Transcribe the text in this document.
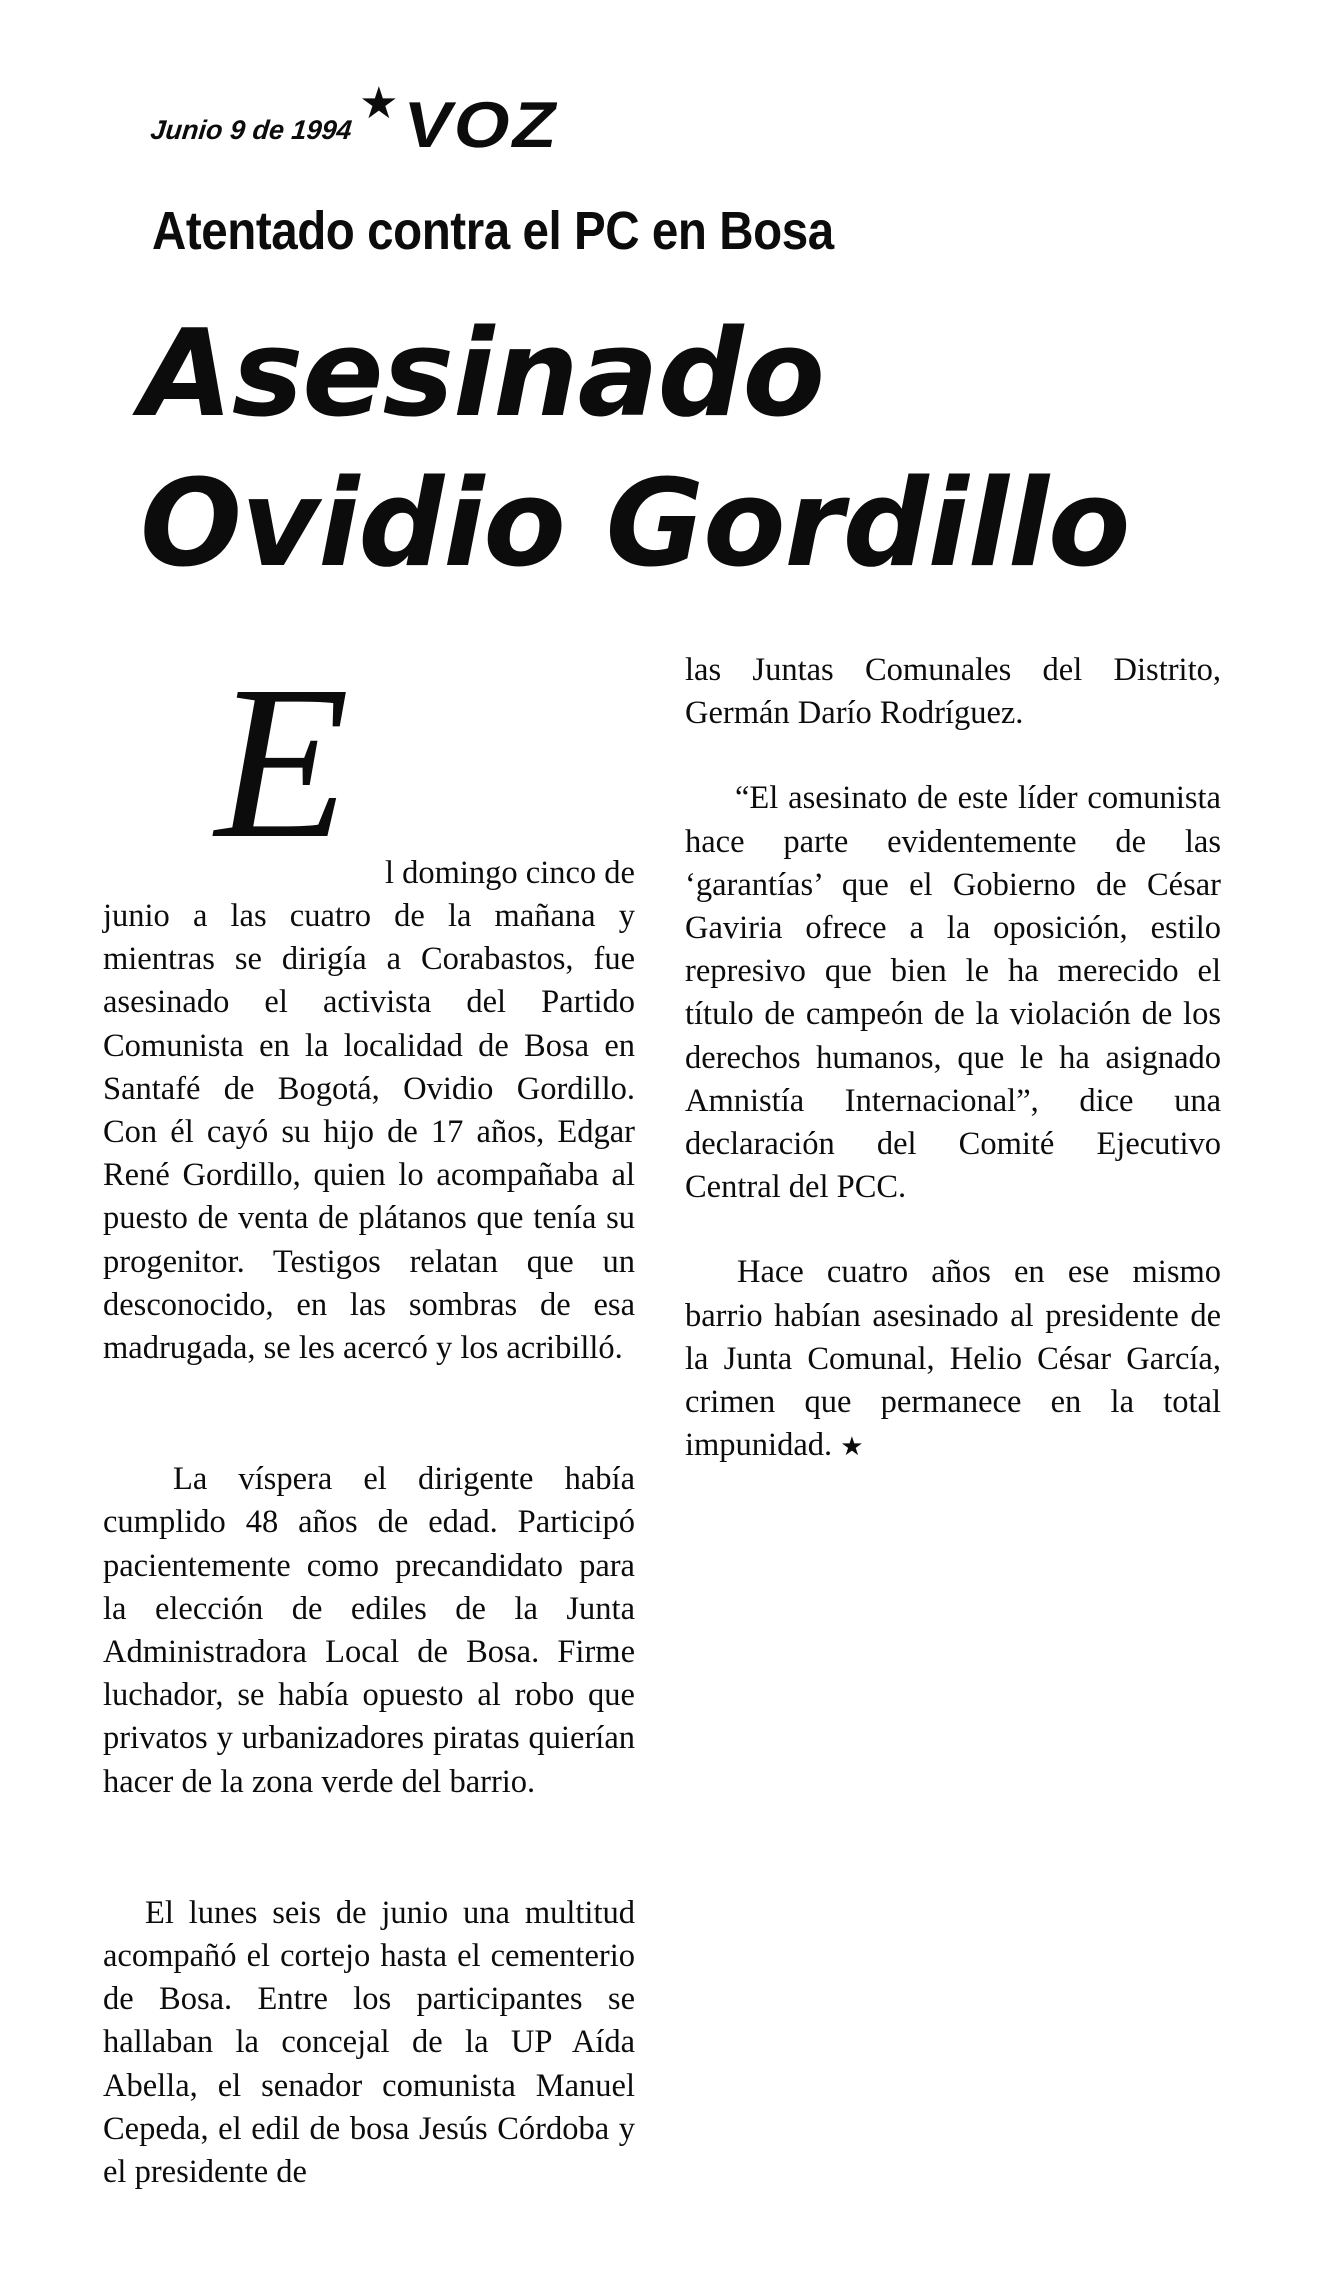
Junio 9 de 1994
★ VOZ
Atentado contra el PC en Bosa
Asesinado
Ovidio Gordillo
E	l domingo cinco de

junio a las cuatro de la mañana y mientras se dirigía a Corabastos, fue asesinado el activista del Partido Comunista en la localidad de Bosa en Santafé de Bogotá, Ovidio Gordillo. Con él cayó su hijo de 17 años, Edgar René Gordillo, quien lo acompañaba al puesto de venta de plátanos que tenía su progenitor. Testigos relatan que un desconocido, en las sombras de esa madrugada, se les acercó y los acribilló.

La víspera el dirigente había cumplido 48 años de edad. Participó pacientemente como precandidato para la elección de ediles de la Junta Administradora Local de Bosa. Firme luchador, se había opuesto al robo que privatos y urbanizadores piratas quierían hacer de la zona verde del barrio.

El lunes seis de junio una multitud acompañó el cortejo hasta el cementerio de Bosa. Entre los participantes se hallaban la concejal de la UP Aída Abella, el senador comunista Manuel Cepeda, el edil de bosa Jesús Córdoba y el presidente de

las Juntas Comunales del Distrito, Germán Darío Rodríguez.

“El asesinato de este líder comunista hace parte evidentemente de las ‘garantías’ que el Gobierno de César Gaviria ofrece a la oposición, estilo represivo que bien le ha merecido el título de campeón de la violación de los derechos humanos, que le ha asignado Amnistía Internacional”, dice una declaración del Comité Ejecutivo Central del PCC.

Hace cuatro años en ese mismo barrio habían asesinado al presidente de la Junta Comunal, Helio César García, crimen que permanece en la total impunidad. ★
